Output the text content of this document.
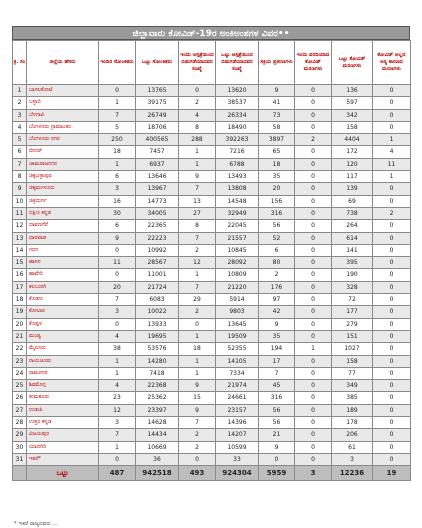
ಜಿಲ್ಲಾವಾರು ಕೋವಿಡ್-19ರ ಅಂಕಿಅಂಶಗಳ ವಿವರ••
ಕ್ರ. ಸಂ	ಜಿಲ್ಲೆಯ ಹೆಸರು	ಇಂದಿನ ಸೋಂಕಿತರು	ಒಟ್ಟು ಸೋಂಕಿತರು	ಇಂದು ಆಸ್ಪತ್ರೆಯಿಂದ ಬಿಡುಗಡೆಯಾದವರ ಸಂಖ್ಯೆ	ಒಟ್ಟು ಆಸ್ಪತ್ರೆಯಿಂದ ಬಿಡುಗಡೆಯಾದವರ ಸಂಖ್ಯೆ	ಸಕ್ರಿಯ ಪ್ರಕರಣಗಳು	ಇಂದು ವರದಿಯಾದ ಕೋವಿಡ್ ಮರಣಗಳು	ಒಟ್ಟು ಕೋವಿಡ್ ಮರಣಗಳು	ಕೋವಿಡ್ ಅಲ್ಲದ ಅನ್ಯ ಕಾರಣದ ಮರಣಗಳು
1	ಬಾಗಲಕೋಟೆ	0	13765	0	13620	9	0	136	0
2	ಬಳ್ಳಾರಿ	1	39175	2	38537	41	0	597	0
3	ಬೆಳಗಾವಿ	7	26749	4	26334	73	0	342	0
4	ಬೆಂಗಳೂರು ಗ್ರಾಮಾಂತರ	5	18706	8	18490	58	0	158	0
5	ಬೆಂಗಳೂರು ನಗರ	250	400565	288	392263	3897	2	4404	1
6	ಬೀದರ್	18	7457	1	7216	65	0	172	4
7	ಚಾಮರಾಜನಗರ	1	6937	1	6788	18	0	120	11
8	ಚಿಕ್ಕಬಳ್ಳಾಪುರ	6	13646	9	13493	35	0	117	1
9	ಚಿಕ್ಕಮಗಳೂರು	3	13967	7	13808	20	0	139	0
10	ಚಿತ್ರದುರ್ಗ	16	14773	13	14548	156	0	69	0
11	ದಕ್ಷಿಣ ಕನ್ನಡ	30	34005	27	32949	316	0	738	2
12	ದಾವಣಗೆರೆ	6	22365	8	22045	56	0	264	0
13	ಧಾರವಾಡ	9	22223	7	21557	52	0	614	0
14	ಗದಗ	0	10992	2	10845	6	0	141	0
15	ಹಾಸನ	11	28567	12	28092	80	0	395	0
16	ಹಾವೇರಿ	0	11001	1	10809	2	0	190	0
17	ಕಲಬುರಗಿ	20	21724	7	21220	176	0	328	0
18	ಕೊಡಗು	7	6083	29	5914	97	0	72	0
19	ಕೋಲಾರ	3	10022	2	9803	42	0	177	0
20	ಕೊಪ್ಪಳ	0	13933	0	13645	9	0	279	0
21	ಮಂಡ್ಯ	4	19695	1	19509	35	0	151	0
22	ಮೈಸೂರು	38	53576	18	52355	194	1	1027	0
23	ರಾಯಚೂರು	1	14280	1	14105	17	0	158	0
24	ರಾಮನಗರ	1	7418	1	7334	7	0	77	0
25	ಶಿವಮೊಗ್ಗ	4	22368	9	21974	45	0	349	0
26	ತುಮಕೂರು	23	25362	15	24661	316	0	385	0
27	ಉಡುಪಿ	12	23397	9	23157	56	0	189	0
28	ಉತ್ತರ ಕನ್ನಡ	3	14628	7	14396	56	0	178	0
29	ವಿಜಯಪುರ	7	14434	2	14207	21	0	206	0
30	ಯಾದಗಿರಿ	1	10669	2	10599	9	0	61	0
31	ಇತರೆ*	0	36	0	33	0	0	3	0
	ಒಟ್ಟು	487	942518	493	924304	5959	3	12236	19
* ಇತರೆ ರಾಜ್ಯದವರು ...
